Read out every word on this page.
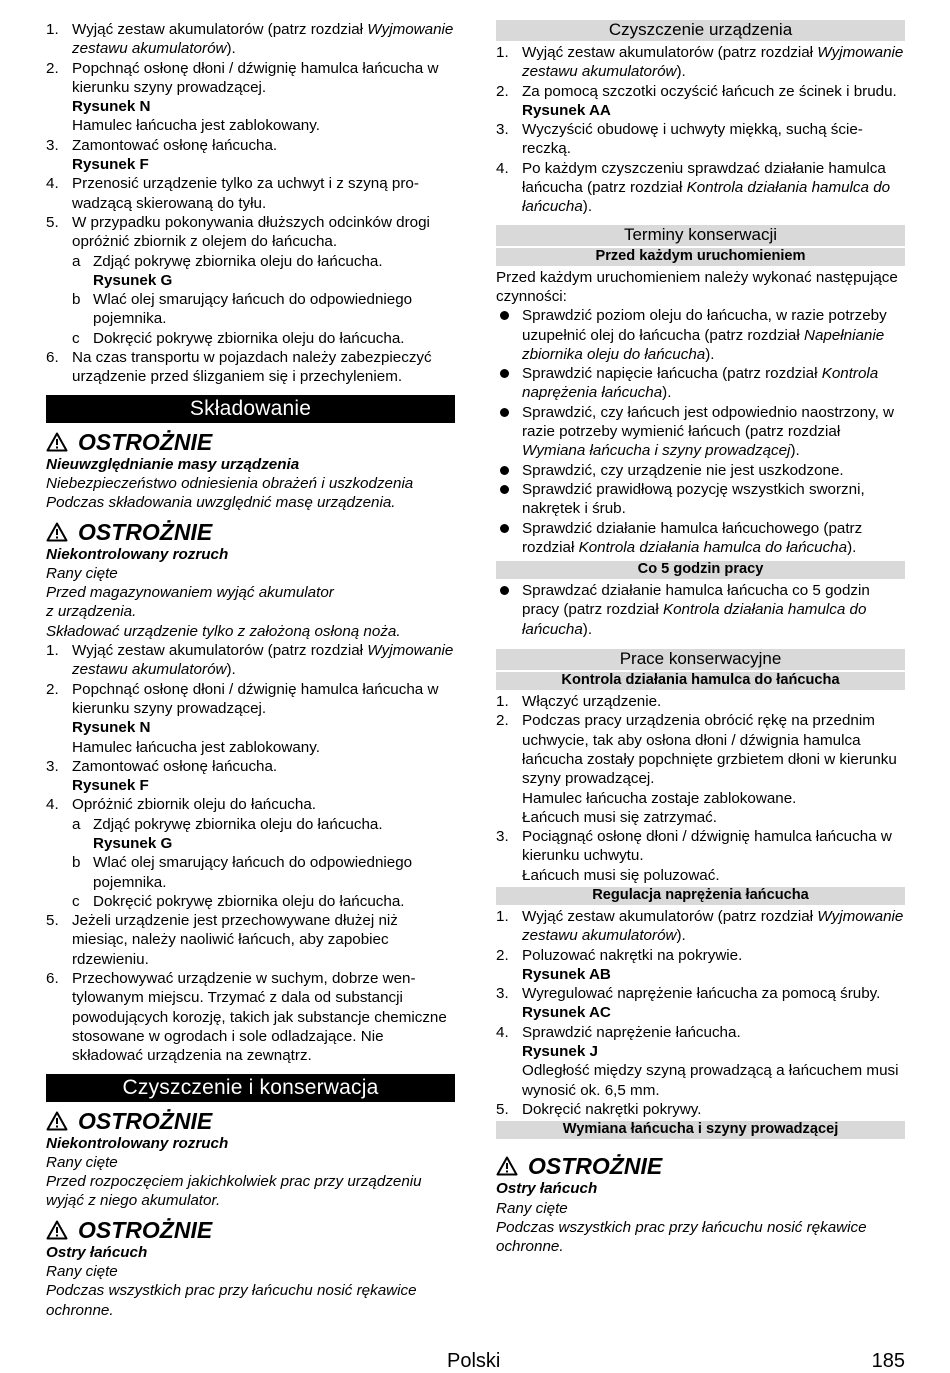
1. Wyjąć zestaw akumulatorów (patrz rozdział Wyjmowanie zestawu akumulatorów).
2. Popchnąć osłonę dłoni / dźwignię hamulca łańcucha w kierunku szyny prowadzącej.
Rysunek N
Hamulec łańcucha jest zablokowany.
3. Zamontować osłonę łańcucha.
Rysunek F
4. Przenosić urządzenie tylko za uchwyt i z szyną prowadzącą skierowaną do tyłu.
5. W przypadku pokonywania dłuższych odcinków drogi opróżnić zbiornik z olejem do łańcucha.
a Zdjąć pokrywę zbiornika oleju do łańcucha.
Rysunek G
b Wlać olej smarujący łańcuch do odpowiedniego pojemnika.
c Dokręcić pokrywę zbiornika oleju do łańcucha.
6. Na czas transportu w pojazdach należy zabezpieczyć urządzenie przed ślizganiem się i przechyleniem.
Składowanie
OSTROŻNIE
Nieuwzględnianie masy urządzenia
Niebezpieczeństwo odniesienia obrażeń i uszkodzenia
Podczas składowania uwzględnić masę urządzenia.
OSTROŻNIE
Niekontrolowany rozruch
Rany cięte
Przed magazynowaniem wyjąć akumulator
z urządzenia.
Składować urządzenie tylko z założoną osłoną noża.
1. Wyjąć zestaw akumulatorów (patrz rozdział Wyjmowanie zestawu akumulatorów).
2. Popchnąć osłonę dłoni / dźwignię hamulca łańcucha w kierunku szyny prowadzącej.
Rysunek N
Hamulec łańcucha jest zablokowany.
3. Zamontować osłonę łańcucha.
Rysunek F
4. Opróżnić zbiornik oleju do łańcucha.
a Zdjąć pokrywę zbiornika oleju do łańcucha.
Rysunek G
b Wlać olej smarujący łańcuch do odpowiedniego pojemnika.
c Dokręcić pokrywę zbiornika oleju do łańcucha.
5. Jeżeli urządzenie jest przechowywane dłużej niż miesiąc, należy naoliwić łańcuch, aby zapobiec rdzewieniu.
6. Przechowywać urządzenie w suchym, dobrze wentylowanym miejscu. Trzymać z dala od substancji powodujących korozję, takich jak substancje chemiczne stosowane w ogrodach i sole odladzające. Nie składować urządzenia na zewnątrz.
Czyszczenie i konserwacja
OSTROŻNIE
Niekontrolowany rozruch
Rany cięte
Przed rozpoczęciem jakichkolwiek prac przy urządzeniu wyjąć z niego akumulator.
OSTROŻNIE
Ostry łańcuch
Rany cięte
Podczas wszystkich prac przy łańcuchu nosić rękawice ochronne.
Czyszczenie urządzenia
1. Wyjąć zestaw akumulatorów (patrz rozdział Wyjmowanie zestawu akumulatorów).
2. Za pomocą szczotki oczyścić łańcuch ze ścinek i brudu.
Rysunek AA
3. Wyczyścić obudowę i uchwyty miękką, suchą ściereczką.
4. Po każdym czyszczeniu sprawdzać działanie hamulca łańcucha (patrz rozdział Kontrola działania hamulca do łańcucha).
Terminy konserwacji
Przed każdym uruchomieniem
Przed każdym uruchomieniem należy wykonać następujące czynności:
Sprawdzić poziom oleju do łańcucha, w razie potrzeby uzupełnić olej do łańcucha (patrz rozdział Napełnianie zbiornika oleju do łańcucha).
Sprawdzić napięcie łańcucha (patrz rozdział Kontrola naprężenia łańcucha).
Sprawdzić, czy łańcuch jest odpowiednio naostrzony, w razie potrzeby wymienić łańcuch (patrz rozdział Wymiana łańcucha i szyny prowadzącej).
Sprawdzić, czy urządzenie nie jest uszkodzone.
Sprawdzić prawidłową pozycję wszystkich sworzni, nakrętek i śrub.
Sprawdzić działanie hamulca łańcuchowego (patrz rozdział Kontrola działania hamulca do łańcucha).
Co 5 godzin pracy
Sprawdzać działanie hamulca łańcucha co 5 godzin pracy (patrz rozdział Kontrola działania hamulca do łańcucha).
Prace konserwacyjne
Kontrola działania hamulca do łańcucha
1. Włączyć urządzenie.
2. Podczas pracy urządzenia obrócić rękę na przednim uchwycie, tak aby osłona dłoni / dźwignia hamulca łańcucha zostały popchnięte grzbietem dłoni w kierunku szyny prowadzącej.
Hamulec łańcucha zostaje zablokowane.
Łańcuch musi się zatrzymać.
3. Pociągnąć osłonę dłoni / dźwignię hamulca łańcucha w kierunku uchwytu.
Łańcuch musi się poluzować.
Regulacja naprężenia łańcucha
1. Wyjąć zestaw akumulatorów (patrz rozdział Wyjmowanie zestawu akumulatorów).
2. Poluzować nakrętki na pokrywie.
Rysunek AB
3. Wyregulować naprężenie łańcucha za pomocą śruby.
Rysunek AC
4. Sprawdzić naprężenie łańcucha.
Rysunek J
Odległość między szyną prowadzącą a łańcuchem musi wynosić ok. 6,5 mm.
5. Dokręcić nakrętki pokrywy.
Wymiana łańcucha i szyny prowadzącej
OSTROŻNIE
Ostry łańcuch
Rany cięte
Podczas wszystkich prac przy łańcuchu nosić rękawice ochronne.
Polski	185
